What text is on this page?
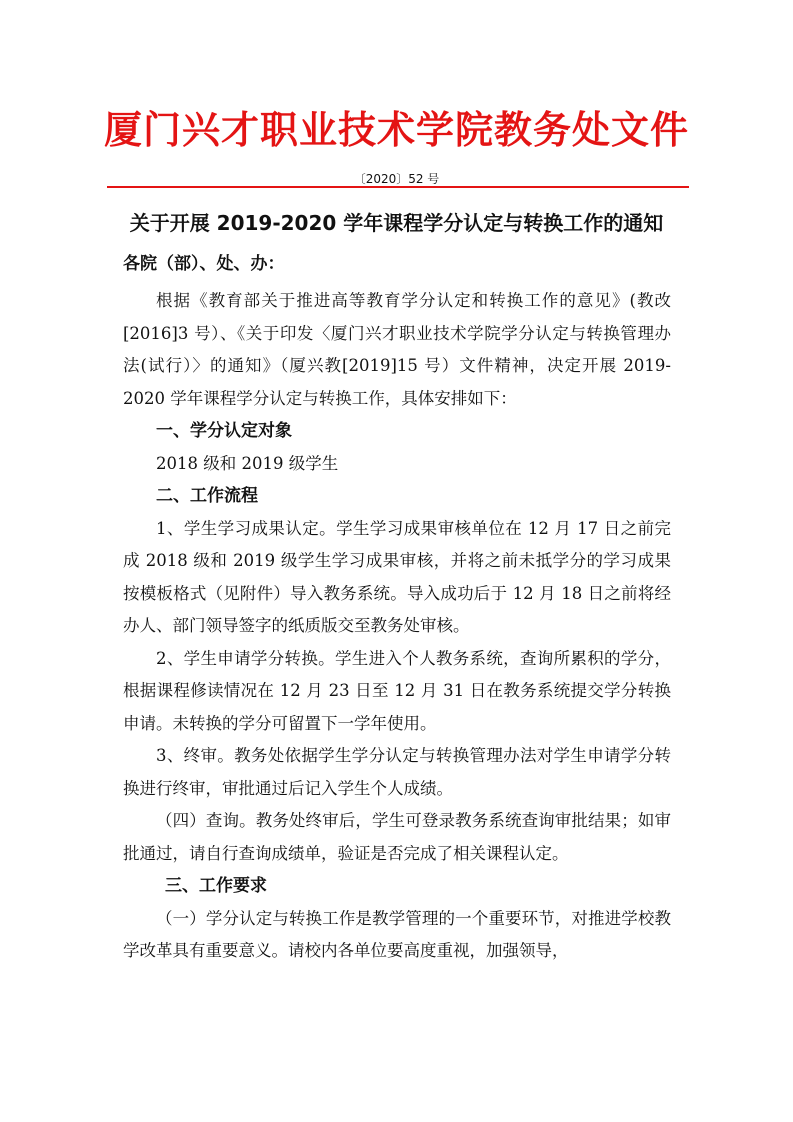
厦门兴才职业技术学院教务处文件
〔2020〕52 号
关于开展 2019-2020 学年课程学分认定与转换工作的通知
各院（部）、处、办：

根据《教育部关于推进高等教育学分认定和转换工作的意见》(教改[2016]3 号）、《关于印发〈厦门兴才职业技术学院学分认定与转换管理办法(试行）〉的通知》（厦兴教[2019]15 号）文件精神，决定开展 2019-2020 学年课程学分认定与转换工作，具体安排如下：

一、学分认定对象

2018 级和 2019 级学生

二、工作流程

1、学生学习成果认定。学生学习成果审核单位在 12 月 17 日之前完成 2018 级和 2019 级学生学习成果审核，并将之前未抵学分的学习成果按模板格式（见附件）导入教务系统。导入成功后于 12 月 18 日之前将经办人、部门领导签字的纸质版交至教务处审核。

2、学生申请学分转换。学生进入个人教务系统，查询所累积的学分，根据课程修读情况在 12 月 23 日至 12 月 31 日在教务系统提交学分转换申请。未转换的学分可留置下一学年使用。

3、终审。教务处依据学生学分认定与转换管理办法对学生申请学分转换进行终审，审批通过后记入学生个人成绩。

（四）查询。教务处终审后，学生可登录教务系统查询审批结果；如审批通过，请自行查询成绩单，验证是否完成了相关课程认定。

三、工作要求

（一）学分认定与转换工作是教学管理的一个重要环节，对推进学校教学改革具有重要意义。请校内各单位要高度重视，加强领导，
